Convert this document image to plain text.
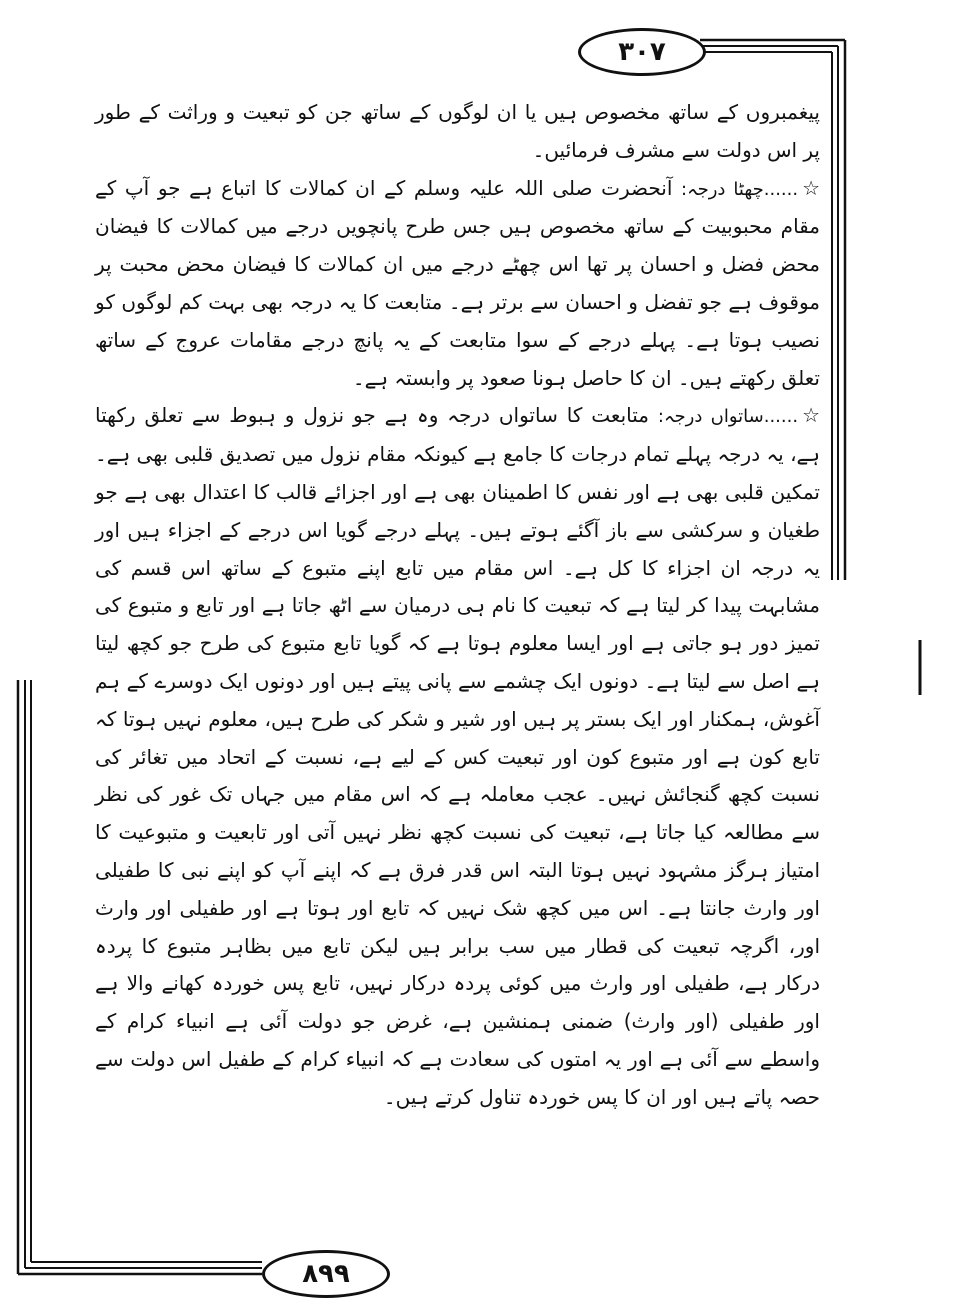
۳۰۷

پیغمبروں کے ساتھ مخصوص ہیں یا ان لوگوں کے ساتھ جن کو تبعیت و وراثت کے طور پر اس دولت سے مشرف فرمائیں۔

☆......چھٹا درجہ: آنحضرت صلی اللہ علیہ وسلم کے ان کمالات کا اتباع ہے جو آپ کے مقام محبوبیت کے ساتھ مخصوص ہیں جس طرح پانچویں درجے میں کمالات کا فیضان محض فضل و احسان پر تھا اس چھٹے درجے میں ان کمالات کا فیضان محض محبت پر موقوف ہے جو تفضل و احسان سے برتر ہے۔ متابعت کا یہ درجہ بھی بہت کم لوگوں کو نصیب ہوتا ہے۔ پہلے درجے کے سوا متابعت کے یہ پانچ درجے مقامات عروج کے ساتھ تعلق رکھتے ہیں۔ ان کا حاصل ہونا صعود پر وابستہ ہے۔

☆......ساتواں درجہ: متابعت کا ساتواں درجہ وہ ہے جو نزول و ہبوط سے تعلق رکھتا ہے، یہ درجہ پہلے تمام درجات کا جامع ہے کیونکہ مقام نزول میں تصدیق قلبی بھی ہے۔ تمکین قلبی بھی ہے اور نفس کا اطمینان بھی ہے اور اجزائے قالب کا اعتدال بھی ہے جو طغیان و سرکشی سے باز آگئے ہوتے ہیں۔ پہلے درجے گویا اس درجے کے اجزاء ہیں اور یہ درجہ ان اجزاء کا کل ہے۔ اس مقام میں تابع اپنے متبوع کے ساتھ اس قسم کی مشابہت پیدا کر لیتا ہے کہ تبعیت کا نام ہی درمیان سے اٹھ جاتا ہے اور تابع و متبوع کی تمیز دور ہو جاتی ہے اور ایسا معلوم ہوتا ہے کہ گویا تابع متبوع کی طرح جو کچھ لیتا ہے اصل سے لیتا ہے۔ دونوں ایک چشمے سے پانی پیتے ہیں اور دونوں ایک دوسرے کے ہم آغوش، ہمکنار اور ایک بستر پر ہیں اور شیر و شکر کی طرح ہیں، معلوم نہیں ہوتا کہ تابع کون ہے اور متبوع کون اور تبعیت کس کے لیے ہے، نسبت کے اتحاد میں تغائر کی نسبت کچھ گنجائش نہیں۔ عجب معاملہ ہے کہ اس مقام میں جہاں تک غور کی نظر سے مطالعہ کیا جاتا ہے، تبعیت کی نسبت کچھ نظر نہیں آتی اور تابعیت و متبوعیت کا امتیاز ہرگز مشہود نہیں ہوتا البتہ اس قدر فرق ہے کہ اپنے آپ کو اپنے نبی کا طفیلی اور وارث جانتا ہے۔ اس میں کچھ شک نہیں کہ تابع اور ہوتا ہے اور طفیلی اور وارث اور، اگرچہ تبعیت کی قطار میں سب برابر ہیں لیکن تابع میں بظاہر متبوع کا پردہ درکار ہے، طفیلی اور وارث میں کوئی پردہ درکار نہیں، تابع پس خوردہ کھانے والا ہے اور طفیلی (اور وارث) ضمنی ہمنشین ہے، غرض جو دولت آئی ہے انبیاء کرام کے واسطے سے آئی ہے اور یہ امتوں کی سعادت ہے کہ انبیاء کرام کے طفیل اس دولت سے حصہ پاتے ہیں اور ان کا پس خوردہ تناول کرتے ہیں۔

۸۹۹
